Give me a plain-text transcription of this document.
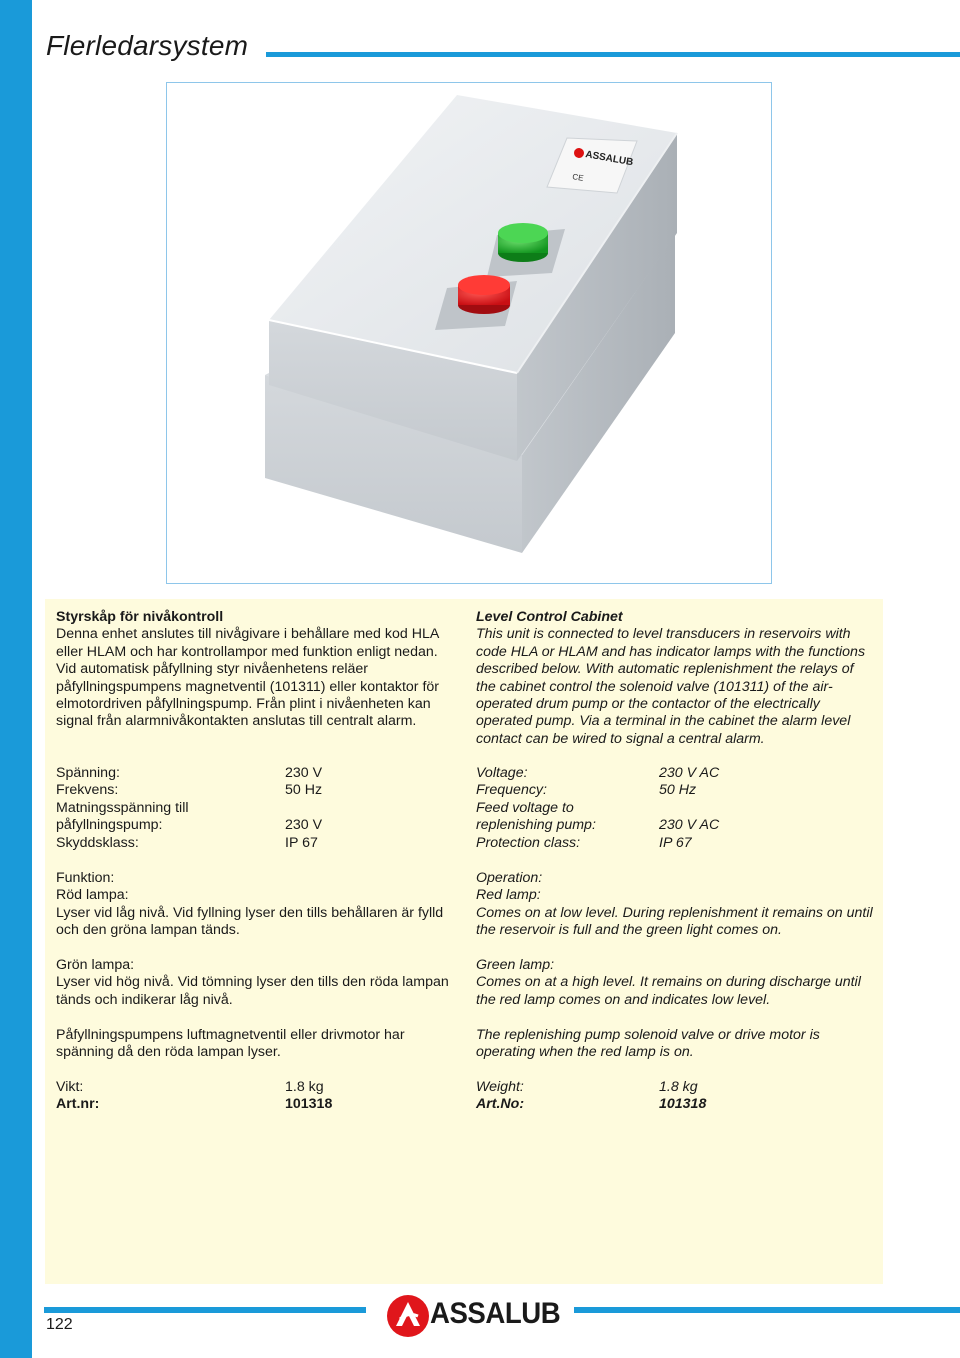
Flerledarsystem
ASSALUB
CE
Styrskåp för nivåkontroll
Denna enhet anslutes till nivågivare i behållare med kod HLA eller HLAM och har kontrollampor med funktion enligt nedan. Vid automatisk påfyllning styr nivåenhetens reläer påfyllningspumpens magnetventil (101311) eller kontaktor för elmotordriven påfyllningspump. Från plint i nivåenheten kan signal från alarmnivåkontakten anslutas till centralt alarm.
Spänning:	230 V
Frekvens:	50 Hz
Matningsspänning till
påfyllningspump:	230 V
Skyddsklass:	IP 67
Funktion:
Röd lampa:
Lyser vid låg nivå. Vid fyllning lyser den tills behållaren är fylld och den gröna lampan tänds.
Grön lampa:
Lyser vid hög nivå. Vid tömning lyser den tills den röda lampan tänds och indikerar låg nivå.
Påfyllningspumpens luftmagnetventil eller drivmotor har spänning då den röda lampan lyser.
Vikt:	1.8 kg
Art.nr:	101318
Level Control Cabinet
This unit is connected to level transducers in reservoirs with code HLA or HLAM and has indicator lamps with the functions described below. With automatic replenishment the relays of the cabinet control the solenoid valve (101311) of the air-operated drum pump or the contactor of the electrically operated pump. Via a terminal in the cabinet the alarm level contact can be wired to signal a central alarm.
Voltage:	230 V AC
Frequency:	50 Hz
Feed voltage to
replenishing pump:	230 V AC
Protection class:	IP 67
Operation:
Red lamp:
Comes on at low level. During replenishment it remains on until the reservoir is full and the green light comes on.
Green lamp:
Comes on at a high level. It remains on during discharge until the red lamp comes on and indicates low level.
The replenishing pump solenoid valve or drive motor is operating when the red lamp is on.
Weight:	1.8 kg
Art.No:	101318
122	ASSALUB
